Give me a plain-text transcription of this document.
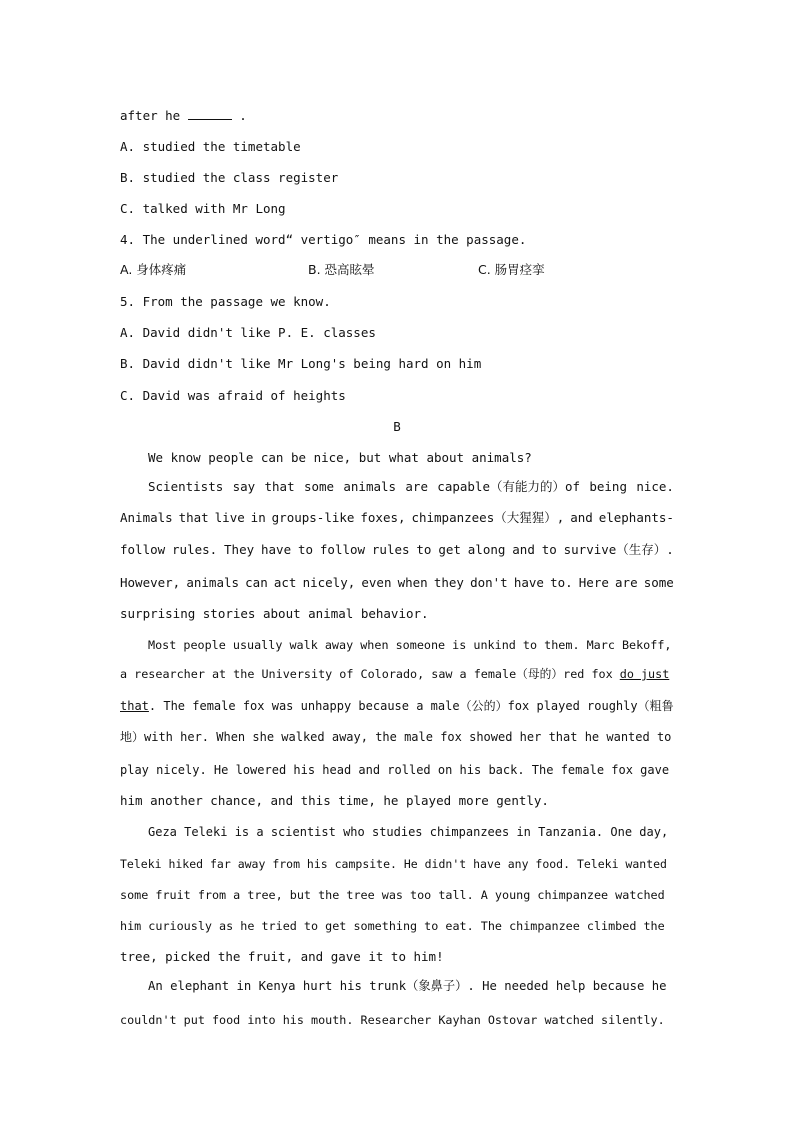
after he	.
A. studied the timetable
B. studied the class register
C. talked with Mr Long
4. The underlined word“ vertigo″ means in the passage.
A. 身体疼痛	B. 恐高眩晕	C. 肠胃痉挛
5. From the passage we know.
A. David didn't like P. E. classes
B. David didn't like Mr Long's being hard on him
C. David was afraid of heights
B
We know people can be nice, but what about animals?
Scientists say that some animals are capable（有能力的）of being nice.
Animals that live in groups-like foxes, chimpanzees（大猩猩）, and elephants-
follow rules. They have to follow rules to get along and to survive（生存）.
However, animals can act nicely, even when they don't have to. Here are some
surprising stories about animal behavior.
Most people usually walk away when someone is unkind to them. Marc Bekoff,
a researcher at the University of Colorado, saw a female（母的）red fox do just
that. The female fox was unhappy because a male（公的）fox played roughly（粗鲁
地）with her. When she walked away, the male fox showed her that he wanted to
play nicely. He lowered his head and rolled on his back. The female fox gave
him another chance, and this time, he played more gently.
Geza Teleki is a scientist who studies chimpanzees in Tanzania. One day,
Teleki hiked far away from his campsite. He didn't have any food. Teleki wanted
some fruit from a tree, but the tree was too tall. A young chimpanzee watched
him curiously as he tried to get something to eat. The chimpanzee climbed the
tree, picked the fruit, and gave it to him!
An elephant in Kenya hurt his trunk（象鼻子）. He needed help because he
couldn't put food into his mouth. Researcher Kayhan Ostovar watched silently.
